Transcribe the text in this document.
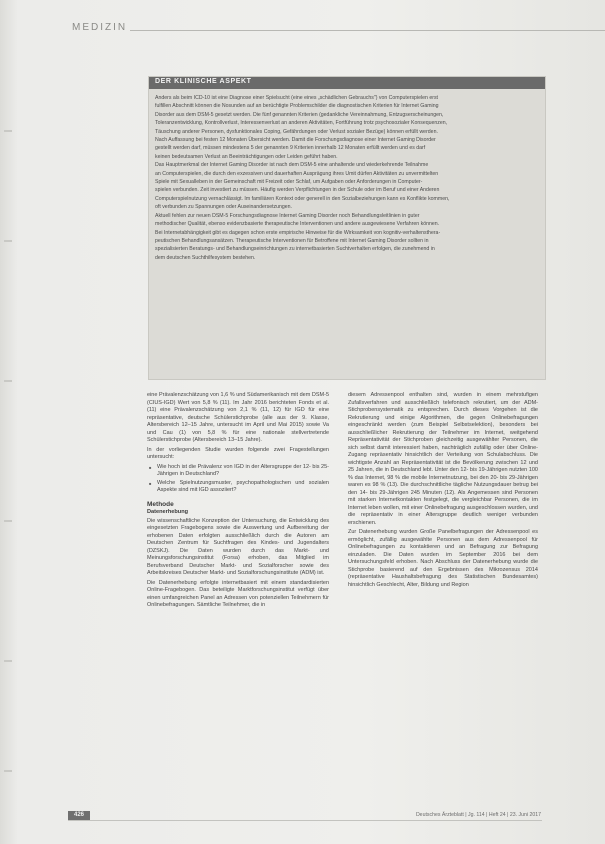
MEDIZIN
DER KLINISCHE ASPEKT

Anders als beim ICD-10 ist eine Diagnose einer Spielsucht (eine eines „schädlichen Gebrauchs") von Computerspielen erst

fulfillen Abschnitt können die Nosunden auf an berüchtigte Problemschilder die diagnostischen Kriterien für Internet Gaming

Disorder aus dem DSM-5 gesetzt werden. Die fünf genannten Kriterien (gedankliche Vereinnahmung, Entzugserscheinungen,

Toleranzentwicklung, Kontrollverlust, Interessenverlust an anderen Aktivitäten, Fortführung trotz psychosozialer Konsequenzen,

Täuschung anderer Personen, dysfunktionales Coping, Gefährdungen oder Verlust sozialer Bezüge) können erfüllt werden.

Nach Auffassung bei festen 12 Monaten Übersicht werden. Damit die Forschungsdiagnose einer Internet Gaming Disorder

gestellt werden darf, müssen mindestens 5 der genannten 9 Kriterien innerhalb 12 Monaten erfüllt werden und es darf

keinen bedeutsamen Verlust an Beeinträchtigungen oder Leiden geführt haben.

Das Hauptmerkmal der Internet Gaming Disorder ist nach dem DSM-5 eine anhaltende und wiederkehrende Teilnahme

an Computerspielen, die durch den exzessiven und dauerhaften Ausprägung ihres Umit dürfen Aktivitäten zu unvermittelten

Spiele mit Sexualleben in der Gemeinschaft mit Freizeit oder Schlaf, um Aufgaben oder Anforderungen in Computer-

spielen verbunden. Zeit investiert zu müssen. Häufig werden Verpflichtungen in der Schule oder im Beruf und einer Anderen

Computerspielnutzung vernachlässigt. Im familiären Kontext oder generell in den Sozialbeziehungen kann es Konflikte kommen,

oft verbunden zu Spannungen oder Auseinandersetzungen.

Aktuell fehlen zur neuen DSM-5 Forschungsdiagnose Internet Gaming Disorder noch Behandlungsleitlinien in guter

methodischer Qualität, ebenso evidenzbasierte therapeutische Interventionen und andere ausgewiesene Verfahren können.

Bei Internetabhängigkeit gibt es dagegen schon erste empirische Hinweise für die Wirksamkeit von kognitiv-verhaltensthera-

peutischen Behandlungsansätzen. Therapeutische Interventionen für Betroffene mit Internet Gaming Disorder sollten in

spezialisierten Beratungs- und Behandlungseinrichtungen zu internetbasierten Suchtverhalten erfolgen, die zunehmend in

dem deutschen Suchthilfesystem bestehen.

eine Prävalenzschätzung von 1,6 % und Südamerikanisch mit dem DSM-5 (CIUS-IGD) Wert von 5,8 % (11). Im Jahr 2016 berichteten Fonds et al. (11) eine Prävalenzschätzung von 2,1 % (11, 12) für IGD für eine repräsentative, deutsche Schülerstichprobe (alle aus der 9. Klasse, Altersbereich 12–15 Jahre, untersucht im April und Mai 2015) sowie Va und Cau (1) von 5,8 % für eine nationale stellvertretende Schülerstichprobe (Altersbereich 13–15 Jahre).

In der vorliegenden Studie wurden folgende zwei Fragestellungen untersucht:

■ Wie hoch ist die Prävalenz von IGD in der Altersgruppe der 12- bis 25-Jährigen in Deutschland?

■ Welche Spielnutzungsmuster, psychopathologischen und sozialen Aspekte sind mit IGD assoziiert?

Methode
Datenerhebung

Die wissenschaftliche Konzeption der Untersuchung, die Entwicklung des eingesetzten Fragebogens sowie die Auswertung und Aufbereitung der erhobenen Daten erfolgten ausschließlich durch die Autoren am Deutschen Zentrum für Suchtfragen des Kindes- und Jugendalters (DZSKJ). Die Daten wurden durch das Markt- und Meinungsforschungsinstitut (Forsa) erhoben, das Mitglied im Berufsverband Deutscher Markt- und Sozialforscher sowie des Arbeitskreises Deutscher Markt- und Sozialforschungsinstitute (ADM) ist.

Die Datenerhebung erfolgte internetbasiert mit einem standardisierten Online-Fragebogen. Das beteiligte Marktforschungsinstitut verfügt über einen umfangreichen Panel an Adressen von potenziellen Teilnehmern für Onlinebefragungen. Sämtliche Teilnehmer, die in

diesem Adressenpool enthalten sind, wurden in einem mehrstufigen Zufallsverfahren und ausschließlich telefonisch rekrutiert, um der ADM-Stichprobensystematik zu entsprechen. Durch dieses Vorgehen ist die Rekrutierung und einige Algorithmen, die gegen Onlinebefragungen eingeschränkt werden (zum Beispiel Selbstselektion), besonders bei ausschließlicher Rekrutierung der Teilnehmer im Internet, weitgehend Repräsentativität der Stichproben gleichzeitig ausgewählter Personen, die sich selbst damit interessiert haben, nachträglich zufällig oder über Online-Zugang repräsentativ hinsichtlich der Verteilung von Schulabschluss. Die wichtigste Anzahl an Repräsentativität ist die Bevölkerung zwischen 12 und 25 Jahren, die in Deutschland lebt. Unter den 12- bis 19-Jährigen nutzten 100 % das Internet, 98 % die mobile Internetnutzung, bei den 20- bis 29-Jährigen waren es 98 % (13). Die durchschnittliche tägliche Nutzungsdauer betrug bei den 14- bis 29-Jährigen 245 Minuten (12). Als Angemessen sind Personen mit starken Internetkontakten festgelegt, die vergleichbar Personen, die im Internet leben wollen, mit einer Onlinebefragung ausgeschlossen wurden, und die repräsentativ in einer Altersgruppe deutlich weniger verbunden erschienen.

Zur Datenerhebung wurden Große Panelbefragungen der Adressenpool es ermöglicht, zufällig ausgewählte Personen aus dem Adressenpool für Onlinebefragungen zu kontaktieren und an Befragung zur Befragung einzuladen. Die Daten wurden im September 2016 bei dem Untersuchungsfeld erhoben. Nach Abschluss der Datenerhebung wurde die Stichprobe basierend auf den Ergebnissen des Mikrozensus 2014 (repräsentative Haushaltsbefragung des Statistischen Bundesamtes) hinsichtlich Geschlecht, Alter, Bildung und Region

426	Deutsches Ärzteblatt | Jg. 114 | Heft 24 | 23. Juni 2017
